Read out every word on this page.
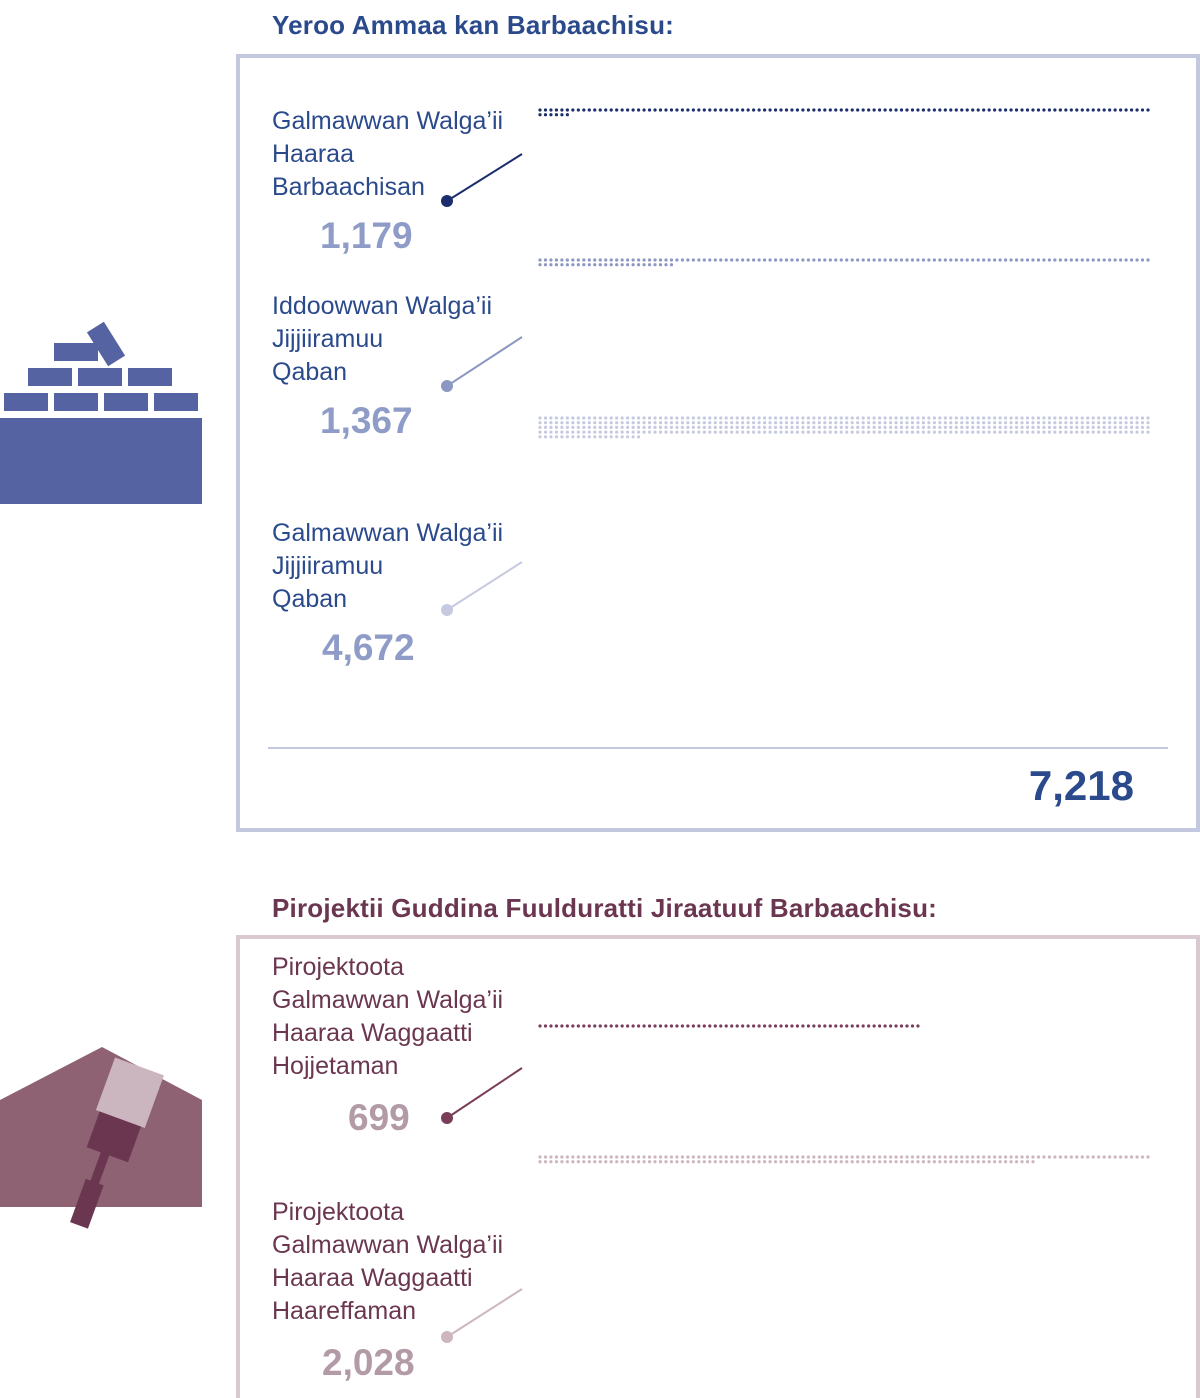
Yeroo Ammaa kan Barbaachisu:

Galmawwan Walga’ii
Haaraa
Barbaachisan

1,179

Iddoowwan Walga’ii
Jijjiiramuu
Qaban

1,367

Galmawwan Walga’ii
Jijjiiramuu
Qaban

4,672

7,218

Pirojektii Guddina Fuulduratti Jiraatuuf Barbaachisu:

Pirojektoota
Galmawwan Walga’ii
Haaraa Waggaatti
Hojjetaman

699

Pirojektoota
Galmawwan Walga’ii
Haaraa Waggaatti
Haareffaman

2,028
